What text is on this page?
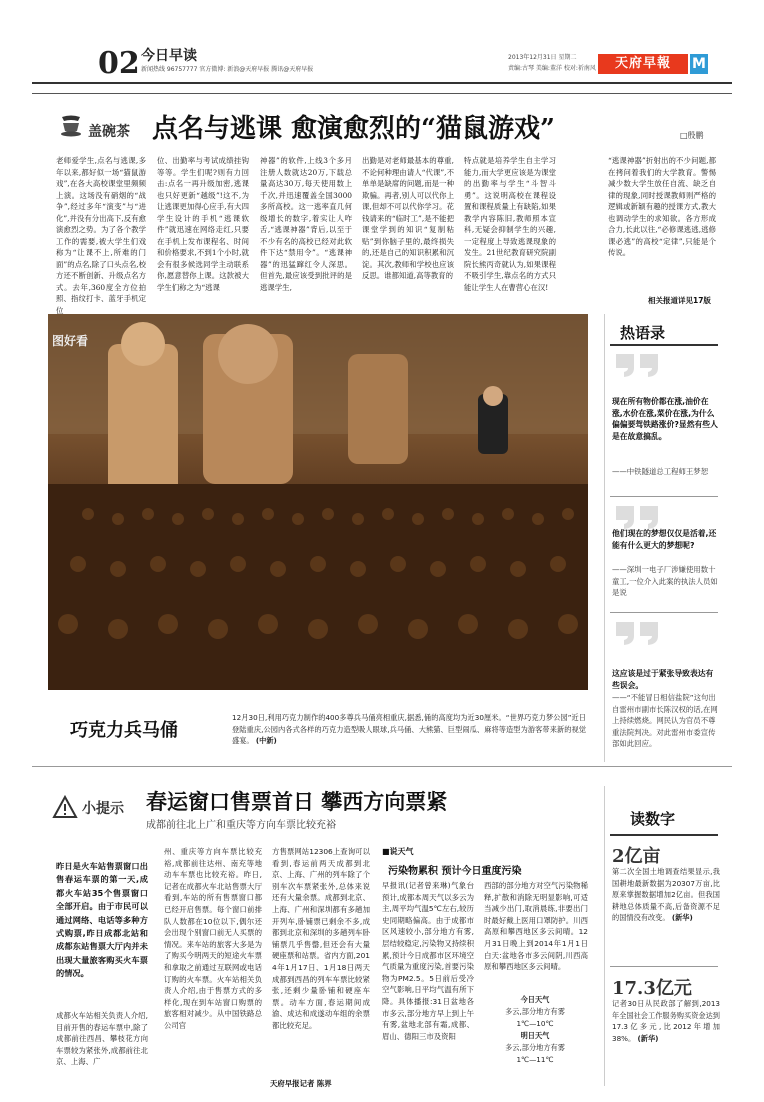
02 今日早读
新闻热线 96757777 官方微博: 新浪@天府早报 腾讯@天府早报
2013年12月31日 星期二
责编:古琴 美编:董洋 校对:祈南风	天府早報	M
盖碗茶 点名与逃课 愈演愈烈的“猫鼠游戏”	□殷鹏
老师爱学生,点名与逃课,多年以来,都好似一场“猫鼠游戏”,在各大高校课堂里频频上演。这场没有硝烟的“战争”,经过多年“演变”与“进化”,并没有分出高下,反有愈演愈烈之势。为了各个教学工作的需要,被大学生们戏称为“让课不上,所难的门面”的点名,除了口头点名,校方还不断创新、升级点名方式。去年,360度全方位拍照、指纹打卡、蓝牙手机定位
位、出勤率与考试成绩挂钩等等。学生们呢?则有力回击:点名一再升级加密,逃课也只好更新“越级”!这不,为让逃课更加得心应手,有大四学生设计的手机“逃课软件”就迅速在网络走红,只要在手机上发布课程名、时间和价格要求,不到1个小时,就会有很多候选同学主动联系你,愿意替你上课。这款被大学生们称之为“逃课
神器”的软件,上线3个多月注册人数就达20万,下载总量高达30万,每天使用数上千次,并迅速覆盖全国3000多所高校。这一逃率直几何级增长的数字,着实让人咋舌,“逃课神器”背后,以至于不少有名的高校已经对此软件下达“禁用令”。“逃课神器”的迅猛蹿红令人深思。但首先,最应该受到批评的是逃课学生,
出勤是对老师最基本的尊重,不论何种理由请人“代课”,不单单是缺席的问题,而是一种欺骗。再者,别人可以代你上课,但却不可以代你学习。花钱请来的“临时工”,是不能把课堂学到的知识“复制粘贴”到你脑子里的,最终损失的,还是自己的知识积累和沉淀。其次,教师和学校也应该反思。谁都知道,高等教育的
特点就是培养学生自主学习能力,而大学更应该是为课堂的出勤率与学生“斗智斗勇”。这说明高校在课程设置和课程质量上有缺陷,如果教学内容陈旧,教师照本宣科,无疑会抑制学生的兴趣,一定程度上导致逃课现象的发生。21世纪教育研究院副院长熊丙奇就认为,如果课程不吸引学生,靠点名的方式只能让学生人在曹营心在汉!
“逃课神器”折射出的不少问题,都在拷问着我们的大学教育。警惕减少数大学生放任自流、缺乏自律的现象,同时授课教师则严格的逻辑或新颖有趣的授课方式,教大也调动学生的求知欲。各方形成合力,长此以往,“必修课逃逃,逃修课必逃”的高校“定律”,只能是个传说。
相关报道详见17版
图好看
巧克力兵马俑
12月30日,利用巧克力制作的400多尊兵马俑亮相重庆,据悉,俑的高度均为近30厘米。“世界巧克力梦公园”近日登陆重庆,公园内各式各样的巧克力造型吸人眼球,兵马俑、大熊猫、巨型闹瓜、麻将等造型为游客带来新的视觉盛宴。 (中新)
热语录
现在所有物价都在涨,油价在涨,水价在涨,菜价在涨,为什么偏偏要驾铁路涨价?显然有些人是在故意搞乱。
——中铁隧道总工程师王梦恕
他们现在的梦想仅仅是活着,还能有什么更大的梦想呢?
——深圳一电子厂涉嫌使用数十童工,一位介入此案的执法人员如是说
这应该是过于紧张导致表达有些误会。
——“不能冒日相信盐院”这句出自雷州市副市长陈汉权的话,在网上持续燃烧。网民认为官员不尊重法院判决。对此雷州市委宣传部如此回应。
小提示 春运窗口售票首日 攀西方向票紧
成都前往北上广和重庆等方向车票比较充裕
昨日是火车站售票窗口出售春运车票的第一天,成都火车站35个售票窗口全部开启。由于市民可以通过网络、电话等多种方式购票,昨日成都北站和成都东站售票大厅内并未出现大量旅客购买火车票的情况。
成都火车站相关负责人介绍,目前开售的春运车票中,除了成都前往西昌、攀枝花方向车票较为紧张外,成都前往北京、上海、广
州、重庆等方向车票比较充裕,成都前往达州、南充等地动车车票也比较充裕。昨日,记者在成都火车北站售票大厅看到,车站的所有售票窗口都已经开启售票。每个窗口前排队人数都在10位以下,偶尔还会出现个别窗口前无人买票的情况。来车站的旅客大多是为了购买今明两天的短途火车票和拿取之前通过互联网或电话订购的火车票。火车站相关负责人介绍,由于售票方式的多样化,现在到车站窗口购票的旅客相对减少。从中国铁路总公司官
方售票网站12306上查询可以看到,春运前两天成都到北京、上海、广州的列车除了个别车次车票紧张外,总体来说还有大量余票。成都到北京、上海、广州和深圳都有多趟加开列车,卧铺票已剩余不多,成都到北京和深圳的多趟列车卧铺票几乎售罄,但还会有大量硬座票和站票。省内方面,2014年1月17日、1月18日两天成都到西昌的列车车票比较紧张,还剩少量卧铺和硬座车票。动车方面,春运期间成渝、成达和成遂动车组的余票都比较充足。
天府早报记者 陈界
■说天气
污染物累积 预计今日重度污染
早报讯(记者曾来琳)气象台预计,成都本周天气以多云为主,周平均气温5℃左右,较历史同期略偏高。由于成都市区风速较小,部分地方有雾,层结较稳定,污染物又持续积累,预计今日成都市区环境空气质量为重度污染,首要污染物为PM2.5。5日前后受冷空气影响,日平均气温有所下降。具体播报:31日盆地各市多云,部分地方早上到上午有雾,盆地北部有霜,成都、眉山、德阳三市及资阳
西部的部分地方对空气污染物稀释,扩散和消除无明显影响,可适当减少出门,取消晨练,非要出门时最好戴上医用口罩防护。川西高原和攀西地区多云间晴。12月31日晚上到2014年1月1日白天:盆地各市多云间阴,川西高原和攀西地区多云间晴。
今日天气
多云,部分地方有雾
1℃—10℃
明日天气
多云,部分地方有雾
1℃—11℃
读数字
2亿亩
第二次全国土地调查结果显示,我国耕地最新数据为20307万亩,比原来掌握数据增加2亿亩。但我国耕地总体质量不高,后备资源不足的国情没有改变。 (新华)
17.3亿元
记者30日从民政部了解到,2013年全国社会工作服务购买资金达到17.3亿多元,比2012年增加38%。 (新华)
